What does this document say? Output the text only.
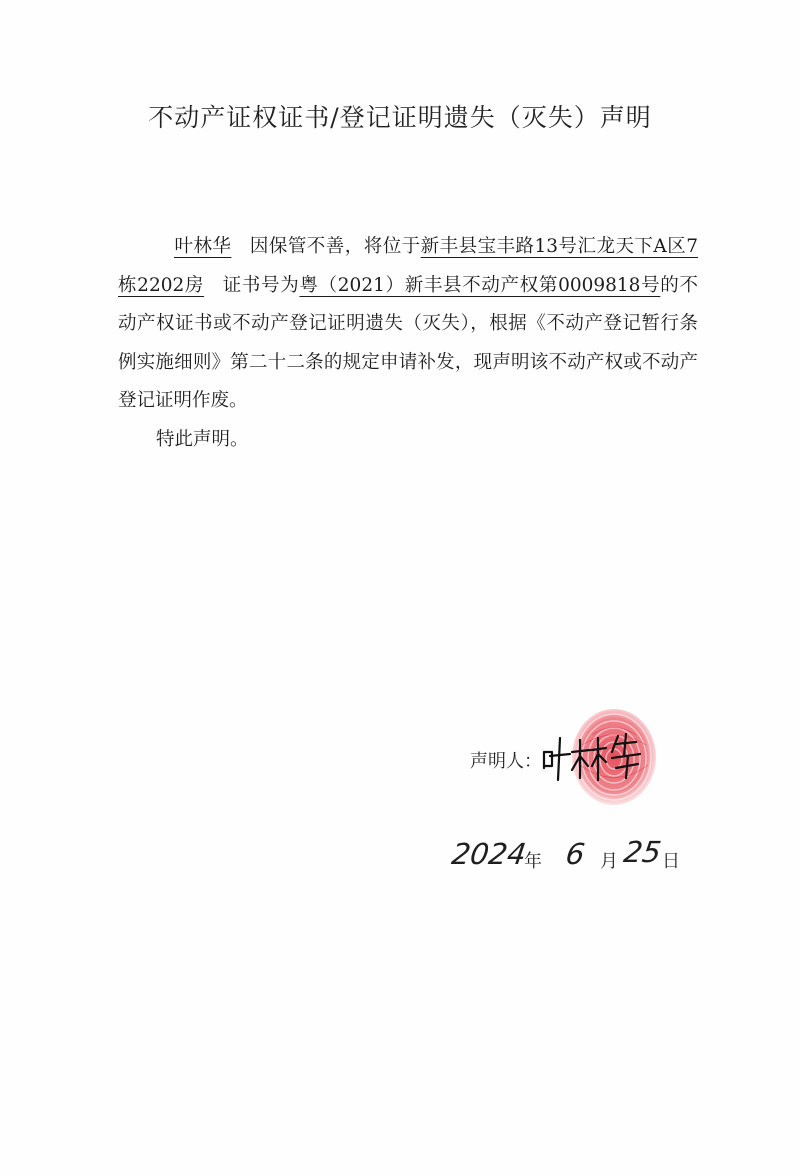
不动产证权证书/登记证明遗失（灭失）声明

叶林华 因保管不善，将位于新丰县宝丰路13号汇龙天下A区7栋2202房 证书号为粤（2021）新丰县不动产权第0009818号的不动产权证书或不动产登记证明遗失（灭失），根据《不动产登记暂行条例实施细则》第二十二条的规定申请补发，现声明该不动产权或不动产登记证明作废。

特此声明。

声明人：
2024
年 6 月 25
日
